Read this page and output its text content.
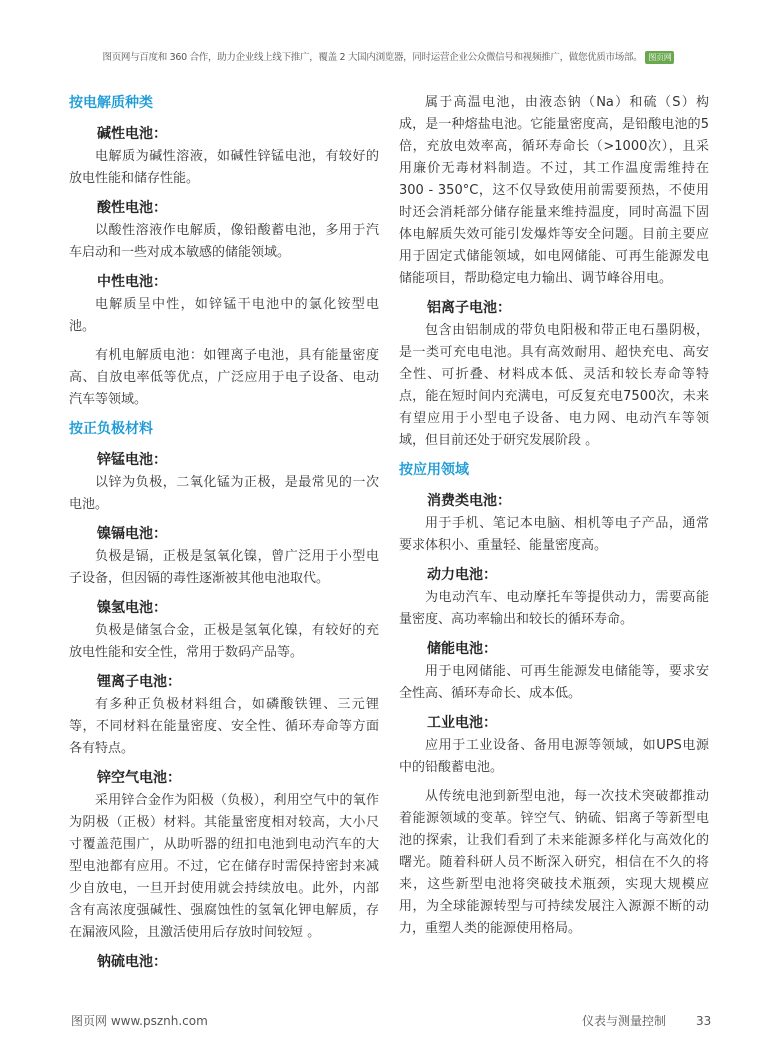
图页网与百度和 360 合作，助力企业线上线下推广，覆盖 2 大国内浏览器，同时运营企业公众微信号和视频推广，做您优质市场部。 图页网
按电解质种类
碱性电池：

电解质为碱性溶液，如碱性锌锰电池，有较好的放电性能和储存性能。

酸性电池：

以酸性溶液作电解质，像铅酸蓄电池，多用于汽车启动和一些对成本敏感的储能领域。

中性电池：

电解质呈中性，如锌锰干电池中的氯化铵型电池。

有机电解质电池：如锂离子电池，具有能量密度高、自放电率低等优点，广泛应用于电子设备、电动汽车等领域。

按正负极材料
锌锰电池：

以锌为负极，二氧化锰为正极，是最常见的一次电池。

镍镉电池：

负极是镉，正极是氢氧化镍，曾广泛用于小型电子设备，但因镉的毒性逐渐被其他电池取代。

镍氢电池：

负极是储氢合金，正极是氢氧化镍，有较好的充放电性能和安全性，常用于数码产品等。

锂离子电池：

有多种正负极材料组合，如磷酸铁锂、三元锂等，不同材料在能量密度、安全性、循环寿命等方面各有特点。

锌空气电池：

采用锌合金作为阳极（负极），利用空气中的氧作为阴极（正极）材料。其能量密度相对较高，大小尺寸覆盖范围广，从助听器的纽扣电池到电动汽车的大型电池都有应用。不过，它在储存时需保持密封来减少自放电，一旦开封使用就会持续放电。此外，内部含有高浓度强碱性、强腐蚀性的氢氧化钾电解质，存在漏液风险，且激活使用后存放时间较短 。

钠硫电池：

属于高温电池，由液态钠（Na）和硫（S）构成，是一种熔盐电池。它能量密度高，是铅酸电池的5倍，充放电效率高，循环寿命长（>1000次），且采用廉价无毒材料制造。不过，其工作温度需维持在300 - 350°C，这不仅导致使用前需要预热，不使用时还会消耗部分储存能量来维持温度，同时高温下固体电解质失效可能引发爆炸等安全问题。目前主要应用于固定式储能领域，如电网储能、可再生能源发电储能项目，帮助稳定电力输出、调节峰谷用电。

铝离子电池：

包含由铝制成的带负电阳极和带正电石墨阴极，是一类可充电电池。具有高效耐用、超快充电、高安全性、可折叠、材料成本低、灵活和较长寿命等特点，能在短时间内充满电，可反复充电7500次，未来有望应用于小型电子设备、电力网、电动汽车等领域，但目前还处于研究发展阶段 。

按应用领域
消费类电池：

用于手机、笔记本电脑、相机等电子产品，通常要求体积小、重量轻、能量密度高。

动力电池：

为电动汽车、电动摩托车等提供动力，需要高能量密度、高功率输出和较长的循环寿命。

储能电池：

用于电网储能、可再生能源发电储能等，要求安全性高、循环寿命长、成本低。

工业电池：

应用于工业设备、备用电源等领域，如UPS电源中的铅酸蓄电池。

从传统电池到新型电池，每一次技术突破都推动着能源领域的变革。锌空气、钠硫、铝离子等新型电池的探索，让我们看到了未来能源多样化与高效化的曙光。随着科研人员不断深入研究，相信在不久的将来，这些新型电池将突破技术瓶颈，实现大规模应用，为全球能源转型与可持续发展注入源源不断的动力，重塑人类的能源使用格局。

图页网 www.psznh.com	仪表与测量控制	33
